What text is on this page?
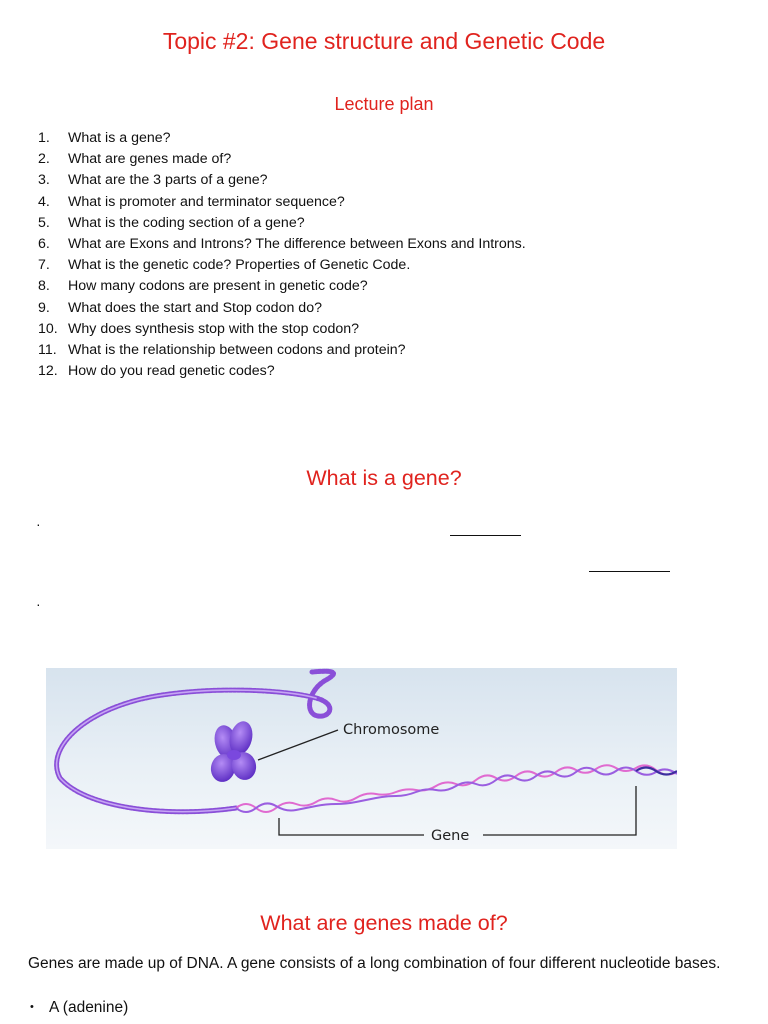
Topic #2: Gene structure and Genetic Code
Lecture plan
1. What is a gene?
2. What are genes made of?
3. What are the 3 parts of a gene?
4. What is promoter and terminator sequence?
5. What is the coding section of a gene?
6. What are Exons and Introns? The difference between Exons and Introns.
7. What is the genetic code? Properties of Genetic Code.
8. How many codons are present in genetic code?
9. What does the start and Stop codon do?
10. Why does synthesis stop with the stop codon?
11. What is the relationship between codons and protein?
12. How do you read genetic codes?
What is a gene?
·
·
Chromosome
Gene
What are genes made of?

Genes are made up of DNA. A gene consists of a long combination of four different nucleotide bases.

• A (adenine)
